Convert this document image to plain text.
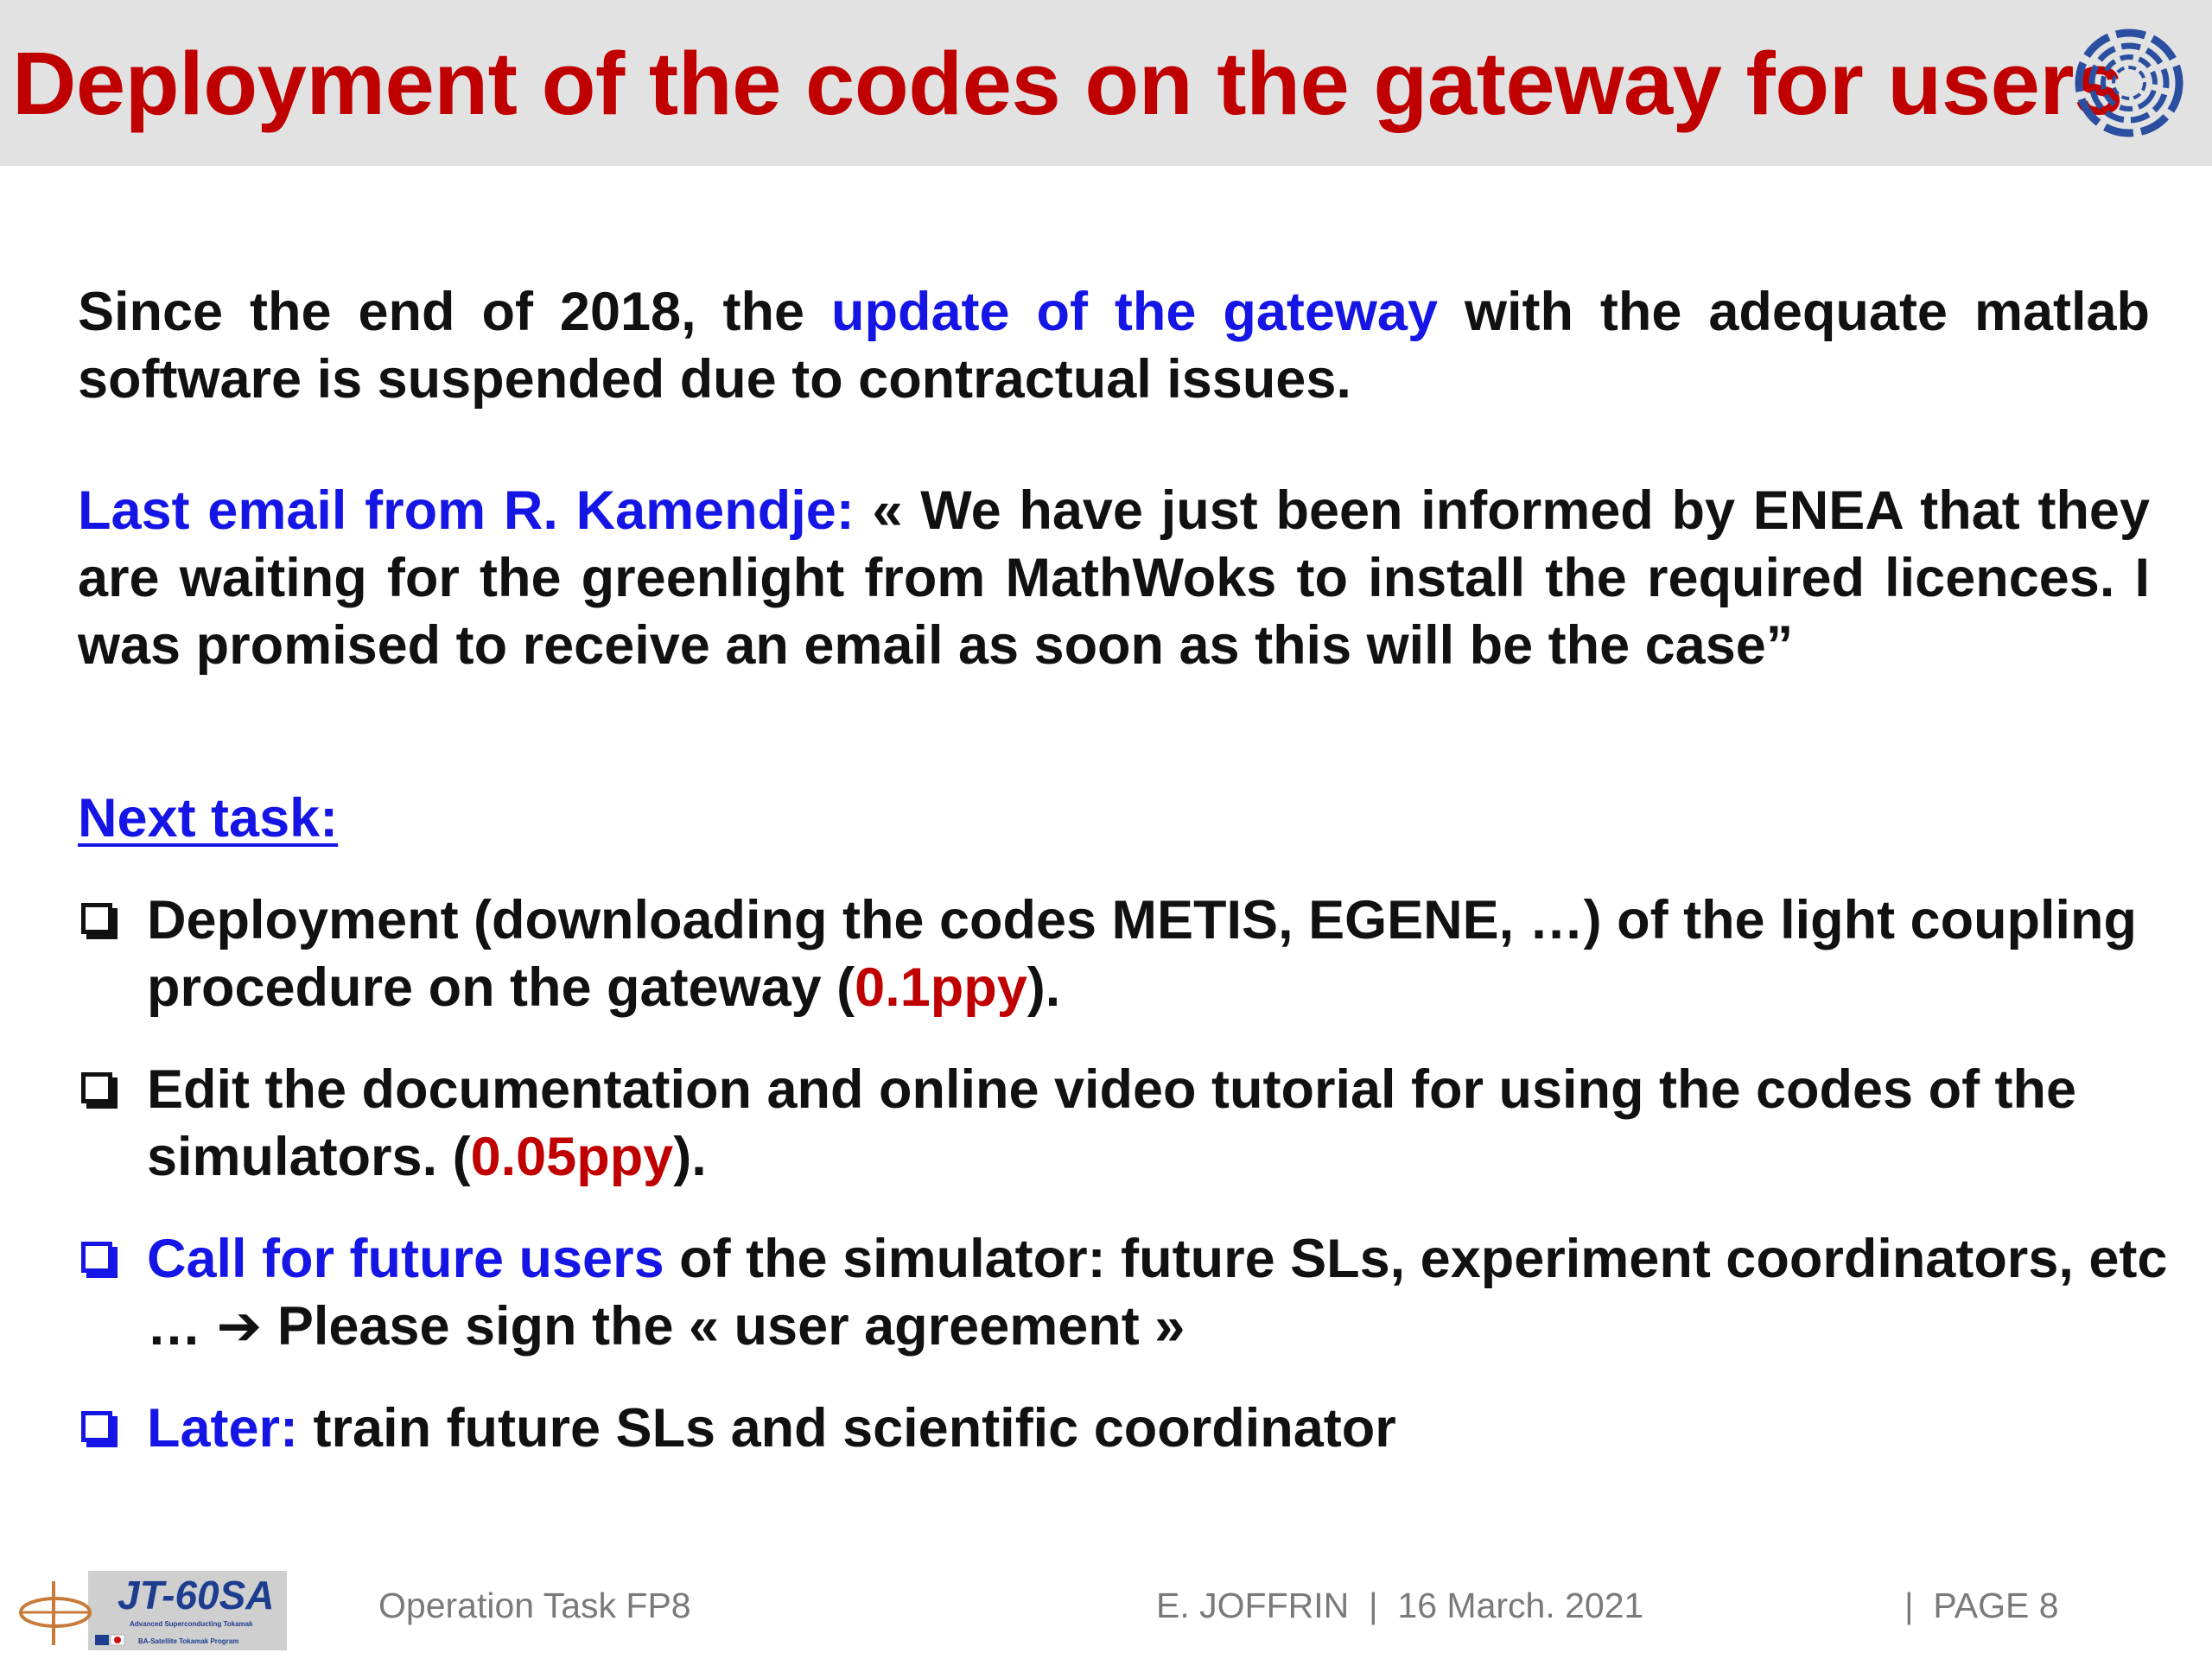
Deployment of the codes on the gateway for users

Since the end of 2018, the update of the gateway with the adequate matlab software is suspended due to contractual issues.

Last email from R. Kamendje: « We have just been informed by ENEA that they are waiting for the greenlight from MathWoks to install the required licences. I was promised to receive an email as soon as this will be the case”

Next task:
Deployment (downloading the codes METIS, EGENE, …) of the light coupling procedure on the gateway (0.1ppy).
Edit the documentation and online video tutorial for using the codes of the simulators. (0.05ppy).
Call for future users of the simulator: future SLs, experiment coordinators, etc … ➔ Please sign the « user agreement »
Later: train future SLs and scientific coordinator
JT-60SA
Advanced Superconducting Tokamak
BA-Satellite Tokamak Program
Operation Task FP8	E. JOFFRIN  |  16 March. 2021	|  PAGE 8
